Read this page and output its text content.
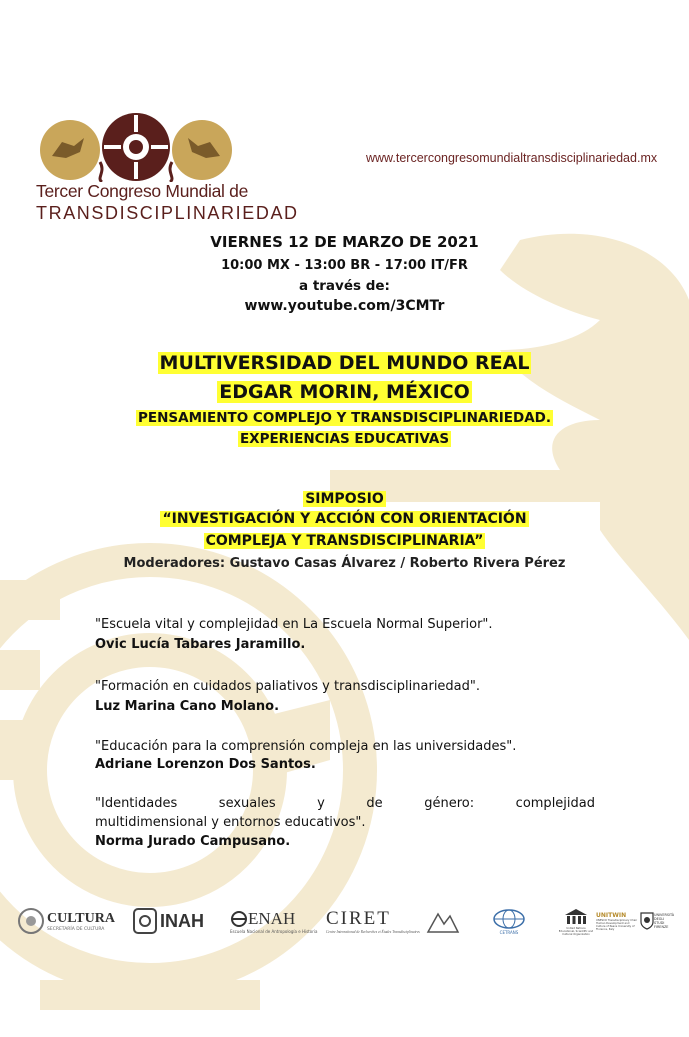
Tercer Congreso Mundial de
TRANSDISCIPLINARIEDAD
www.tercercongresomundialtransdisciplinariedad.mx
VIERNES 12 DE MARZO DE 2021
10:00 MX - 13:00 BR - 17:00 IT/FR
a través de:
www.youtube.com/3CMTr
MULTIVERSIDAD DEL MUNDO REAL
EDGAR MORIN, MÉXICO
PENSAMIENTO COMPLEJO Y TRANSDISCIPLINARIEDAD.
EXPERIENCIAS EDUCATIVAS
SIMPOSIO
“INVESTIGACIÓN Y ACCIÓN CON ORIENTACIÓN
COMPLEJA Y TRANSDISCIPLINARIA”
Moderadores: Gustavo Casas Álvarez / Roberto Rivera Pérez
"Escuela vital y complejidad en La Escuela Normal Superior".
Ovic Lucía Tabares Jaramillo.
"Formación en cuidados paliativos y transdisciplinariedad".
Luz Marina Cano Molano.
"Educación para la comprensión compleja en las universidades".
Adriane Lorenzon Dos Santos.
"Identidades sexuales y de género: complejidad
multidimensional y entornos educativos".
Norma Jurado Campusano.
CULTURA
SECRETARÍA DE CULTURA	INAH	ENAH
Escuela Nacional de Antropología e Historia
CIRET
Centre International de Recherches et Études Transdisciplinaires	CETRANS
United Nations Educational, Scientific and Cultural Organization
UNITWIN
UNESCO Transdisciplinary Chair Human Development and Culture of Peace University of Florence, Italy
UNIVERSITÀ DEGLI STUDI FIRENZE
